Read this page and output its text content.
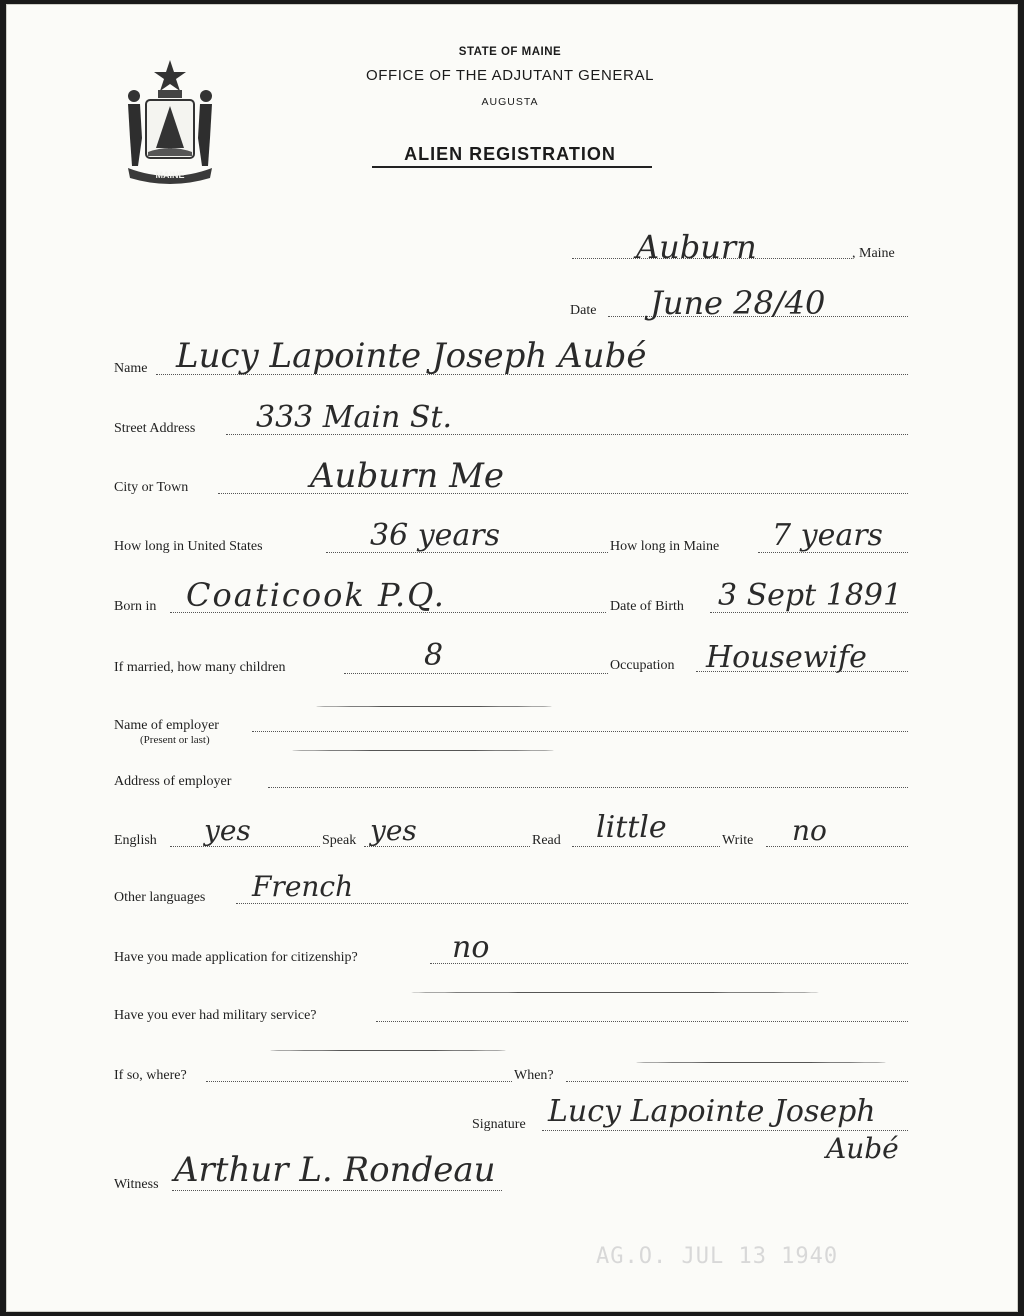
MAINE
STATE OF MAINE
OFFICE OF THE ADJUTANT GENERAL
AUGUSTA
ALIEN REGISTRATION
Auburn	, Maine
Date June 28/40
Name Lucy Lapointe Joseph Aubé
Street Address 333 Main St.
City or Town	Auburn Me
How long in United States	36 years	How long in Maine 7 years
Born in Coaticook P.Q.	Date of Birth 3 Sept 1891
If married, how many children	8	Occupation Housewife
Name of employer
(Present or last)
Address of employer
English yes	Speak yes	Read little	Write no
Other languages French
Have you made application for citizenship?	no
Have you ever had military service?
If so, where?	When?
Signature Lucy Lapointe Joseph
Aubé
Witness Arthur L. Rondeau
AG.O. JUL 13 1940
